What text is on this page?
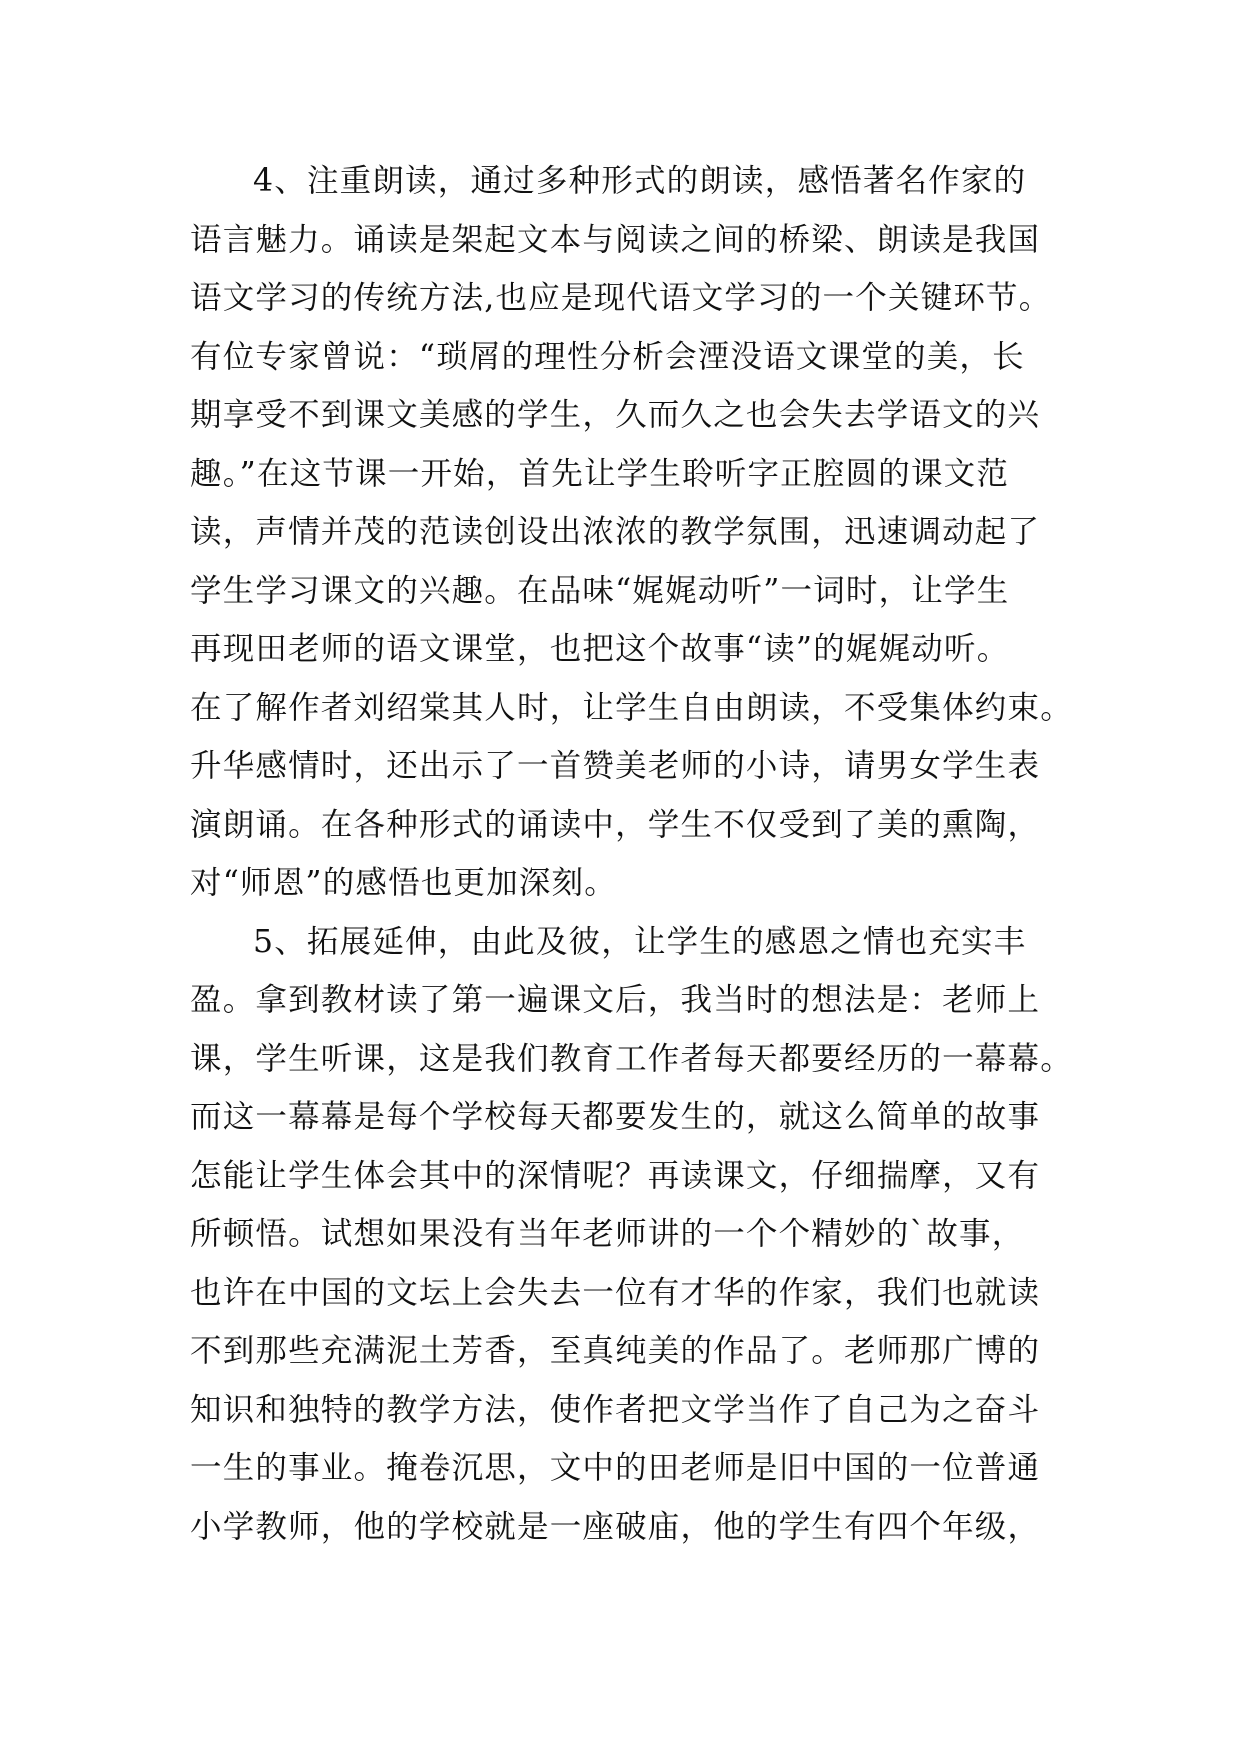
4、注重朗读，通过多种形式的朗读，感悟著名作家的
语言魅力。诵读是架起文本与阅读之间的桥梁、朗读是我国
语文学习的传统方法,也应是现代语文学习的一个关键环节。
有位专家曾说：“琐屑的理性分析会湮没语文课堂的美，长
期享受不到课文美感的学生，久而久之也会失去学语文的兴
趣。”在这节课一开始，首先让学生聆听字正腔圆的课文范
读，声情并茂的范读创设出浓浓的教学氛围，迅速调动起了
学生学习课文的兴趣。在品味“娓娓动听”一词时，让学生
再现田老师的语文课堂，也把这个故事“读”的娓娓动听。
在了解作者刘绍棠其人时，让学生自由朗读，不受集体约束。
升华感情时，还出示了一首赞美老师的小诗，请男女学生表
演朗诵。在各种形式的诵读中，学生不仅受到了美的熏陶，
对“师恩”的感悟也更加深刻。
5、拓展延伸，由此及彼，让学生的感恩之情也充实丰
盈。拿到教材读了第一遍课文后，我当时的想法是：老师上
课，学生听课，这是我们教育工作者每天都要经历的一幕幕。
而这一幕幕是每个学校每天都要发生的，就这么简单的故事
怎能让学生体会其中的深情呢？再读课文，仔细揣摩，又有
所顿悟。试想如果没有当年老师讲的一个个精妙的`故事，
也许在中国的文坛上会失去一位有才华的作家，我们也就读
不到那些充满泥土芳香，至真纯美的作品了。老师那广博的
知识和独特的教学方法，使作者把文学当作了自己为之奋斗
一生的事业。掩卷沉思，文中的田老师是旧中国的一位普通
小学教师，他的学校就是一座破庙，他的学生有四个年级，
